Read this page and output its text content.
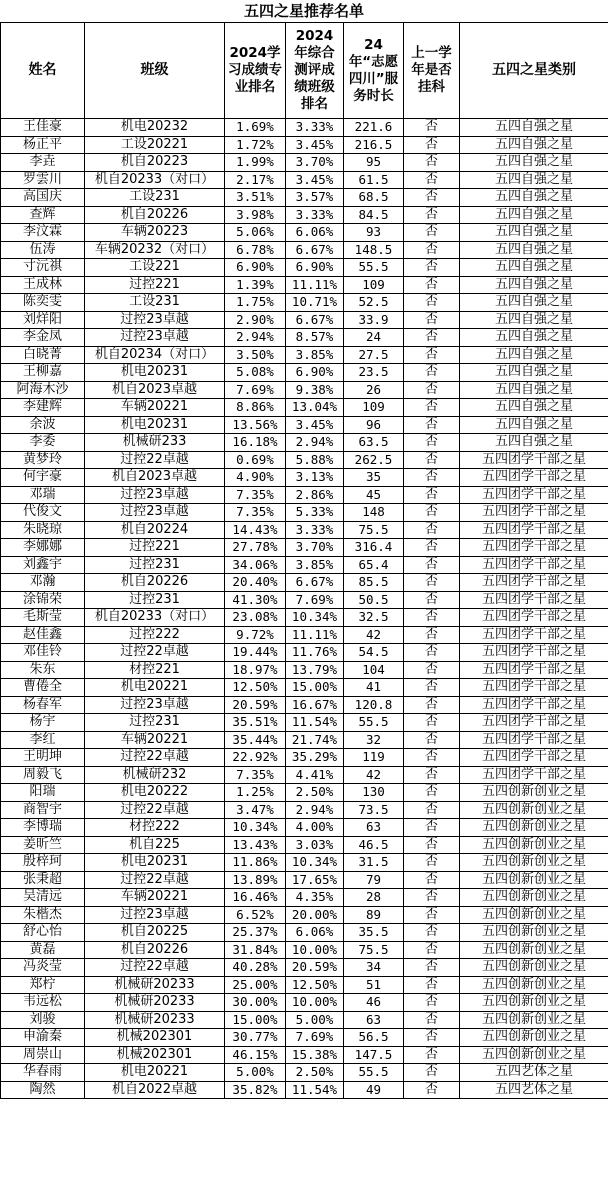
五四之星推荐名单
姓名	班级	2024学习成绩专业排名	2024年综合测评成绩班级排名	24年“志愿四川”服务时长	上一学年是否挂科	五四之星类别

王佳豪	机电20232	1.69%	3.33%	221.6	否	五四自强之星
杨正平	工设20221	1.72%	3.45%	216.5	否	五四自强之星
李垚	机自20223	1.99%	3.70%	95	否	五四自强之星
罗雲川	机自20233（对口）	2.17%	3.45%	61.5	否	五四自强之星
高国庆	工设231	3.51%	3.57%	68.5	否	五四自强之星
查辉	机自20226	3.98%	3.33%	84.5	否	五四自强之星
李汶霖	车辆20223	5.06%	6.06%	93	否	五四自强之星
伍涛	车辆20232（对口）	6.78%	6.67%	148.5	否	五四自强之星
寸沅祺	工设221	6.90%	6.90%	55.5	否	五四自强之星
王成林	过控221	1.39%	11.11%	109	否	五四自强之星
陈奕雯	工设231	1.75%	10.71%	52.5	否	五四自强之星
刘烊阳	过控23卓越	2.90%	6.67%	33.9	否	五四自强之星
李金凤	过控23卓越	2.94%	8.57%	24	否	五四自强之星
白晓菁	机自20234（对口）	3.50%	3.85%	27.5	否	五四自强之星
王柳嘉	机电20231	5.08%	6.90%	23.5	否	五四自强之星
阿海木沙	机自2023卓越	7.69%	9.38%	26	否	五四自强之星
李建辉	车辆20221	8.86%	13.04%	109	否	五四自强之星
余波	机电20231	13.56%	3.45%	96	否	五四自强之星
李委	机械研233	16.18%	2.94%	63.5	否	五四自强之星
黄梦玲	过控22卓越	0.69%	5.88%	262.5	否	五四团学干部之星
何宇豪	机自2023卓越	4.90%	3.13%	35	否	五四团学干部之星
邓瑞	过控23卓越	7.35%	2.86%	45	否	五四团学干部之星
代俊文	过控23卓越	7.35%	5.33%	148	否	五四团学干部之星
朱晓琼	机自20224	14.43%	3.33%	75.5	否	五四团学干部之星
李娜娜	过控221	27.78%	3.70%	316.4	否	五四团学干部之星
刘鑫宇	过控231	34.06%	3.85%	65.4	否	五四团学干部之星
邓瀚	机自20226	20.40%	6.67%	85.5	否	五四团学干部之星
涂锦荣	过控231	41.30%	7.69%	50.5	否	五四团学干部之星
毛斯莹	机自20233（对口）	23.08%	10.34%	32.5	否	五四团学干部之星
赵佳鑫	过控222	9.72%	11.11%	42	否	五四团学干部之星
邓佳铃	过控22卓越	19.44%	11.76%	54.5	否	五四团学干部之星
朱东	材控221	18.97%	13.79%	104	否	五四团学干部之星
曹倦全	机电20221	12.50%	15.00%	41	否	五四团学干部之星
杨春军	过控23卓越	20.59%	16.67%	120.8	否	五四团学干部之星
杨宇	过控231	35.51%	11.54%	55.5	否	五四团学干部之星
李红	车辆20221	35.44%	21.74%	32	否	五四团学干部之星
王明坤	过控22卓越	22.92%	35.29%	119	否	五四团学干部之星
周毅飞	机械研232	7.35%	4.41%	42	否	五四团学干部之星
阳瑞	机电20222	1.25%	2.50%	130	否	五四创新创业之星
商智宇	过控22卓越	3.47%	2.94%	73.5	否	五四创新创业之星
李博瑞	材控222	10.34%	4.00%	63	否	五四创新创业之星
姜昕竺	机自225	13.43%	3.03%	46.5	否	五四创新创业之星
殷梓珂	机电20231	11.86%	10.34%	31.5	否	五四创新创业之星
张秉超	过控22卓越	13.89%	17.65%	79	否	五四创新创业之星
吴清远	车辆20221	16.46%	4.35%	28	否	五四创新创业之星
朱楷杰	过控23卓越	6.52%	20.00%	89	否	五四创新创业之星
舒心怡	机自20225	25.37%	6.06%	35.5	否	五四创新创业之星
黄磊	机自20226	31.84%	10.00%	75.5	否	五四创新创业之星
冯炎莹	过控22卓越	40.28%	20.59%	34	否	五四创新创业之星
郑柠	机械研20233	25.00%	12.50%	51	否	五四创新创业之星
韦远松	机械研20233	30.00%	10.00%	46	否	五四创新创业之星
刘骏	机械研20233	15.00%	5.00%	63	否	五四创新创业之星
申渝秦	机械202301	30.77%	7.69%	56.5	否	五四创新创业之星
周崇山	机械202301	46.15%	15.38%	147.5	否	五四创新创业之星
华春雨	机电20221	5.00%	2.50%	55.5	否	五四艺体之星
陶然	机自2022卓越	35.82%	11.54%	49	否	五四艺体之星
